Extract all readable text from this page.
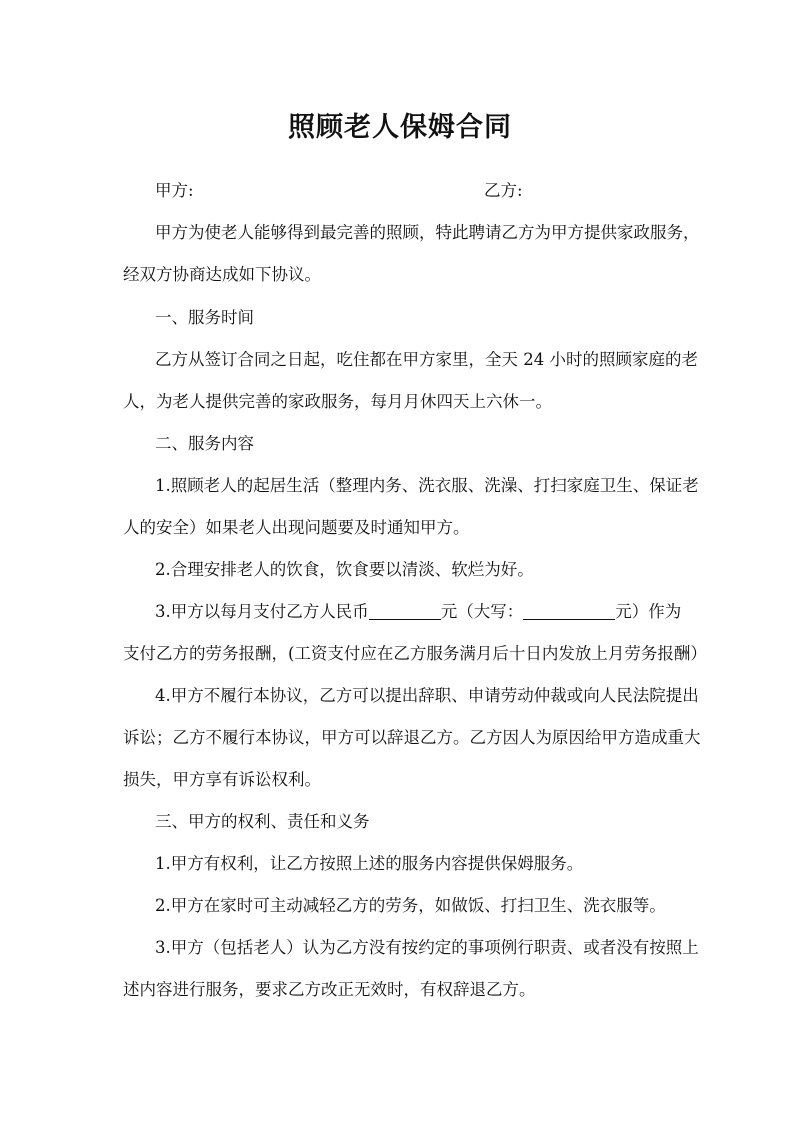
照顾老人保姆合同
甲方:	乙方:
甲方为使老人能够得到最完善的照顾，特此聘请乙方为甲方提供家政服务，
经双方协商达成如下协议。
一、服务时间
乙方从签订合同之日起，吃住都在甲方家里，全天 24 小时的照顾家庭的老
人，为老人提供完善的家政服务，每月月休四天上六休一。
二、服务内容
1.照顾老人的起居生活（整理内务、洗衣服、洗澡、打扫家庭卫生、保证老
人的安全）如果老人出现问题要及时通知甲方。
2.合理安排老人的饮食，饮食要以清淡、软烂为好。
3.甲方以每月支付乙方人民币	元（大写：	元）作为
支付乙方的劳务报酬，(工资支付应在乙方服务满月后十日内发放上月劳务报酬）
4.甲方不履行本协议，乙方可以提出辞职、申请劳动仲裁或向人民法院提出
诉讼；乙方不履行本协议，甲方可以辞退乙方。乙方因人为原因给甲方造成重大
损失，甲方享有诉讼权利。
三、甲方的权利、责任和义务
1.甲方有权利，让乙方按照上述的服务内容提供保姆服务。
2.甲方在家时可主动减轻乙方的劳务，如做饭、打扫卫生、洗衣服等。
3.甲方（包括老人）认为乙方没有按约定的事项例行职责、或者没有按照上
述内容进行服务，要求乙方改正无效时，有权辞退乙方。
